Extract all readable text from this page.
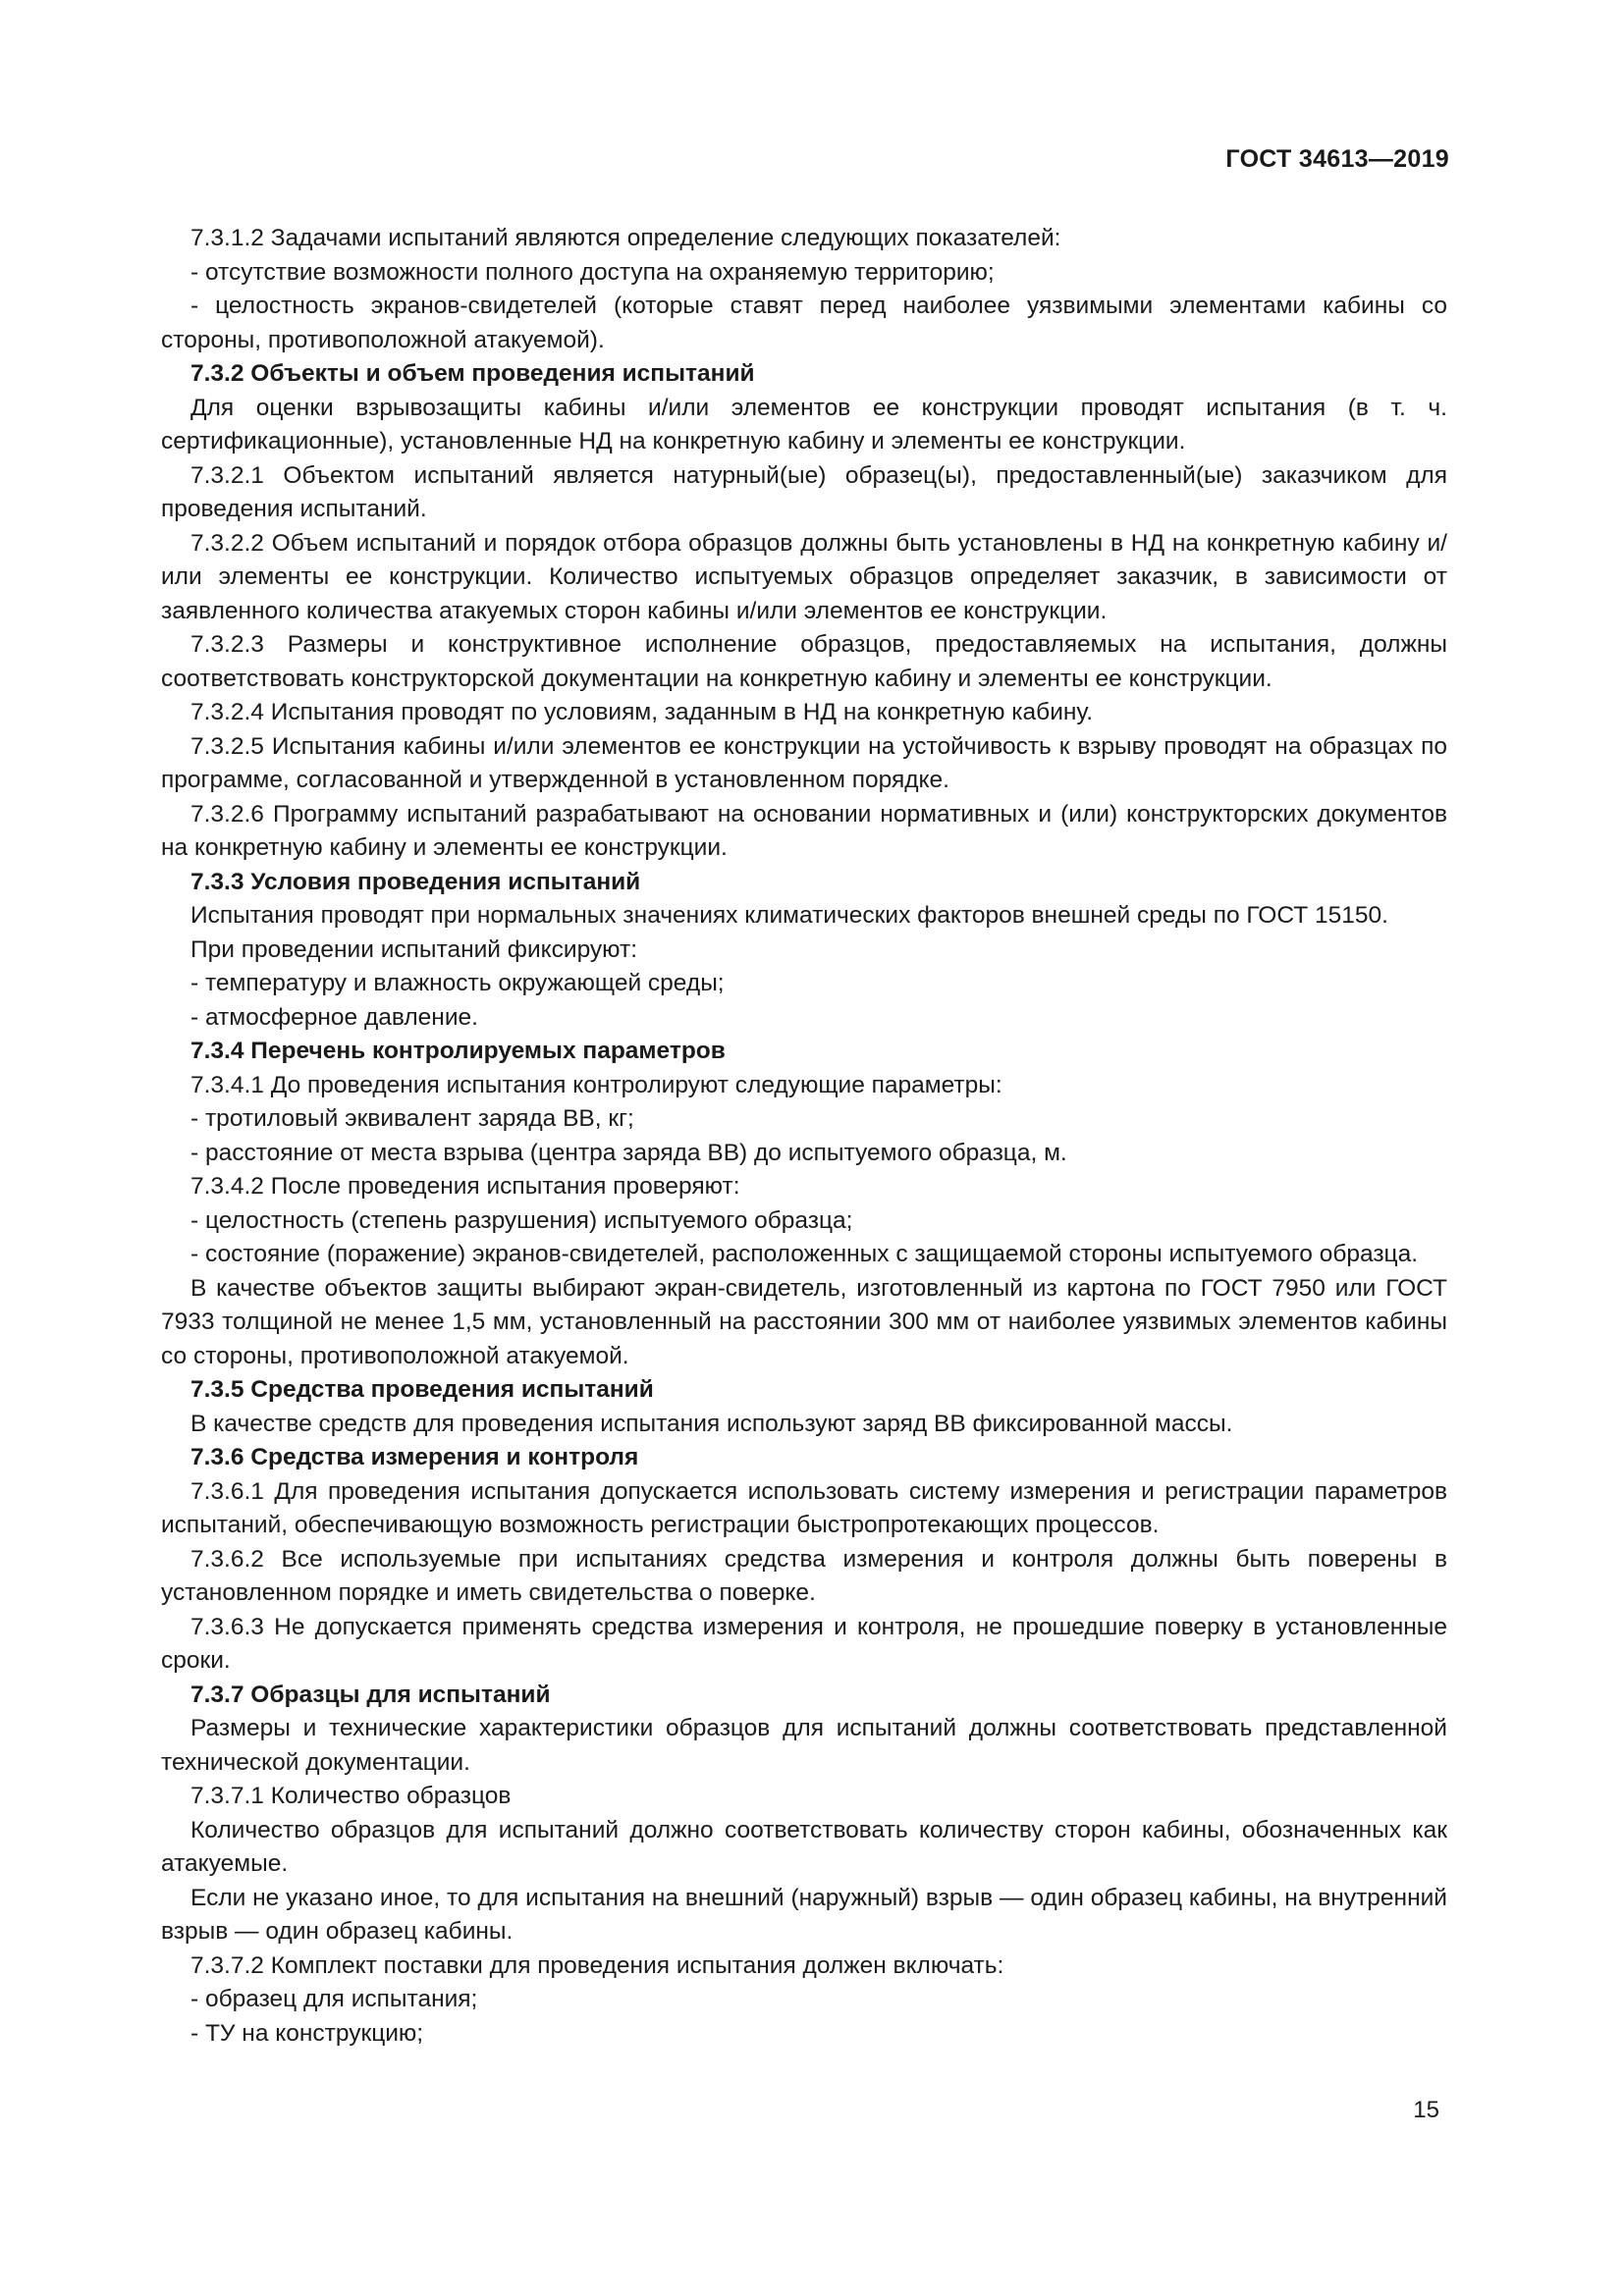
ГОСТ 34613—2019

7.3.1.2 Задачами испытаний являются определение следующих показателей:

- отсутствие возможности полного доступа на охраняемую территорию;

- целостность экранов-свидетелей (которые ставят перед наиболее уязвимыми элементами кабины со стороны, противоположной атакуемой).

7.3.2 Объекты и объем проведения испытаний

Для оценки взрывозащиты кабины и/или элементов ее конструкции проводят испытания (в т. ч. сертификационные), установленные НД на конкретную кабину и элементы ее конструкции.

7.3.2.1 Объектом испытаний является натурный(ые) образец(ы), предоставленный(ые) заказчиком для проведения испытаний.

7.3.2.2 Объем испытаний и порядок отбора образцов должны быть установлены в НД на конкретную кабину и/или элементы ее конструкции. Количество испытуемых образцов определяет заказчик, в зависимости от заявленного количества атакуемых сторон кабины и/или элементов ее конструкции.

7.3.2.3 Размеры и конструктивное исполнение образцов, предоставляемых на испытания, должны соответствовать конструкторской документации на конкретную кабину и элементы ее конструкции.

7.3.2.4 Испытания проводят по условиям, заданным в НД на конкретную кабину.

7.3.2.5 Испытания кабины и/или элементов ее конструкции на устойчивость к взрыву проводят на образцах по программе, согласованной и утвержденной в установленном порядке.

7.3.2.6 Программу испытаний разрабатывают на основании нормативных и (или) конструкторских документов на конкретную кабину и элементы ее конструкции.

7.3.3 Условия проведения испытаний

Испытания проводят при нормальных значениях климатических факторов внешней среды по ГОСТ 15150.

При проведении испытаний фиксируют:

- температуру и влажность окружающей среды;

- атмосферное давление.

7.3.4 Перечень контролируемых параметров

7.3.4.1 До проведения испытания контролируют следующие параметры:

- тротиловый эквивалент заряда ВВ, кг;

- расстояние от места взрыва (центра заряда ВВ) до испытуемого образца, м.

7.3.4.2 После проведения испытания проверяют:

- целостность (степень разрушения) испытуемого образца;

- состояние (поражение) экранов-свидетелей, расположенных с защищаемой стороны испытуемого образца.

В качестве объектов защиты выбирают экран-свидетель, изготовленный из картона по ГОСТ 7950 или ГОСТ 7933 толщиной не менее 1,5 мм, установленный на расстоянии 300 мм от наиболее уязвимых элементов кабины со стороны, противоположной атакуемой.

7.3.5 Средства проведения испытаний

В качестве средств для проведения испытания используют заряд ВВ фиксированной массы.

7.3.6 Средства измерения и контроля

7.3.6.1 Для проведения испытания допускается использовать систему измерения и регистрации параметров испытаний, обеспечивающую возможность регистрации быстропротекающих процессов.

7.3.6.2 Все используемые при испытаниях средства измерения и контроля должны быть поверены в установленном порядке и иметь свидетельства о поверке.

7.3.6.3 Не допускается применять средства измерения и контроля, не прошедшие поверку в установленные сроки.

7.3.7 Образцы для испытаний

Размеры и технические характеристики образцов для испытаний должны соответствовать представленной технической документации.

7.3.7.1 Количество образцов

Количество образцов для испытаний должно соответствовать количеству сторон кабины, обозначенных как атакуемые.

Если не указано иное, то для испытания на внешний (наружный) взрыв — один образец кабины, на внутренний взрыв — один образец кабины.

7.3.7.2 Комплект поставки для проведения испытания должен включать:

- образец для испытания;

- ТУ на конструкцию;

15
